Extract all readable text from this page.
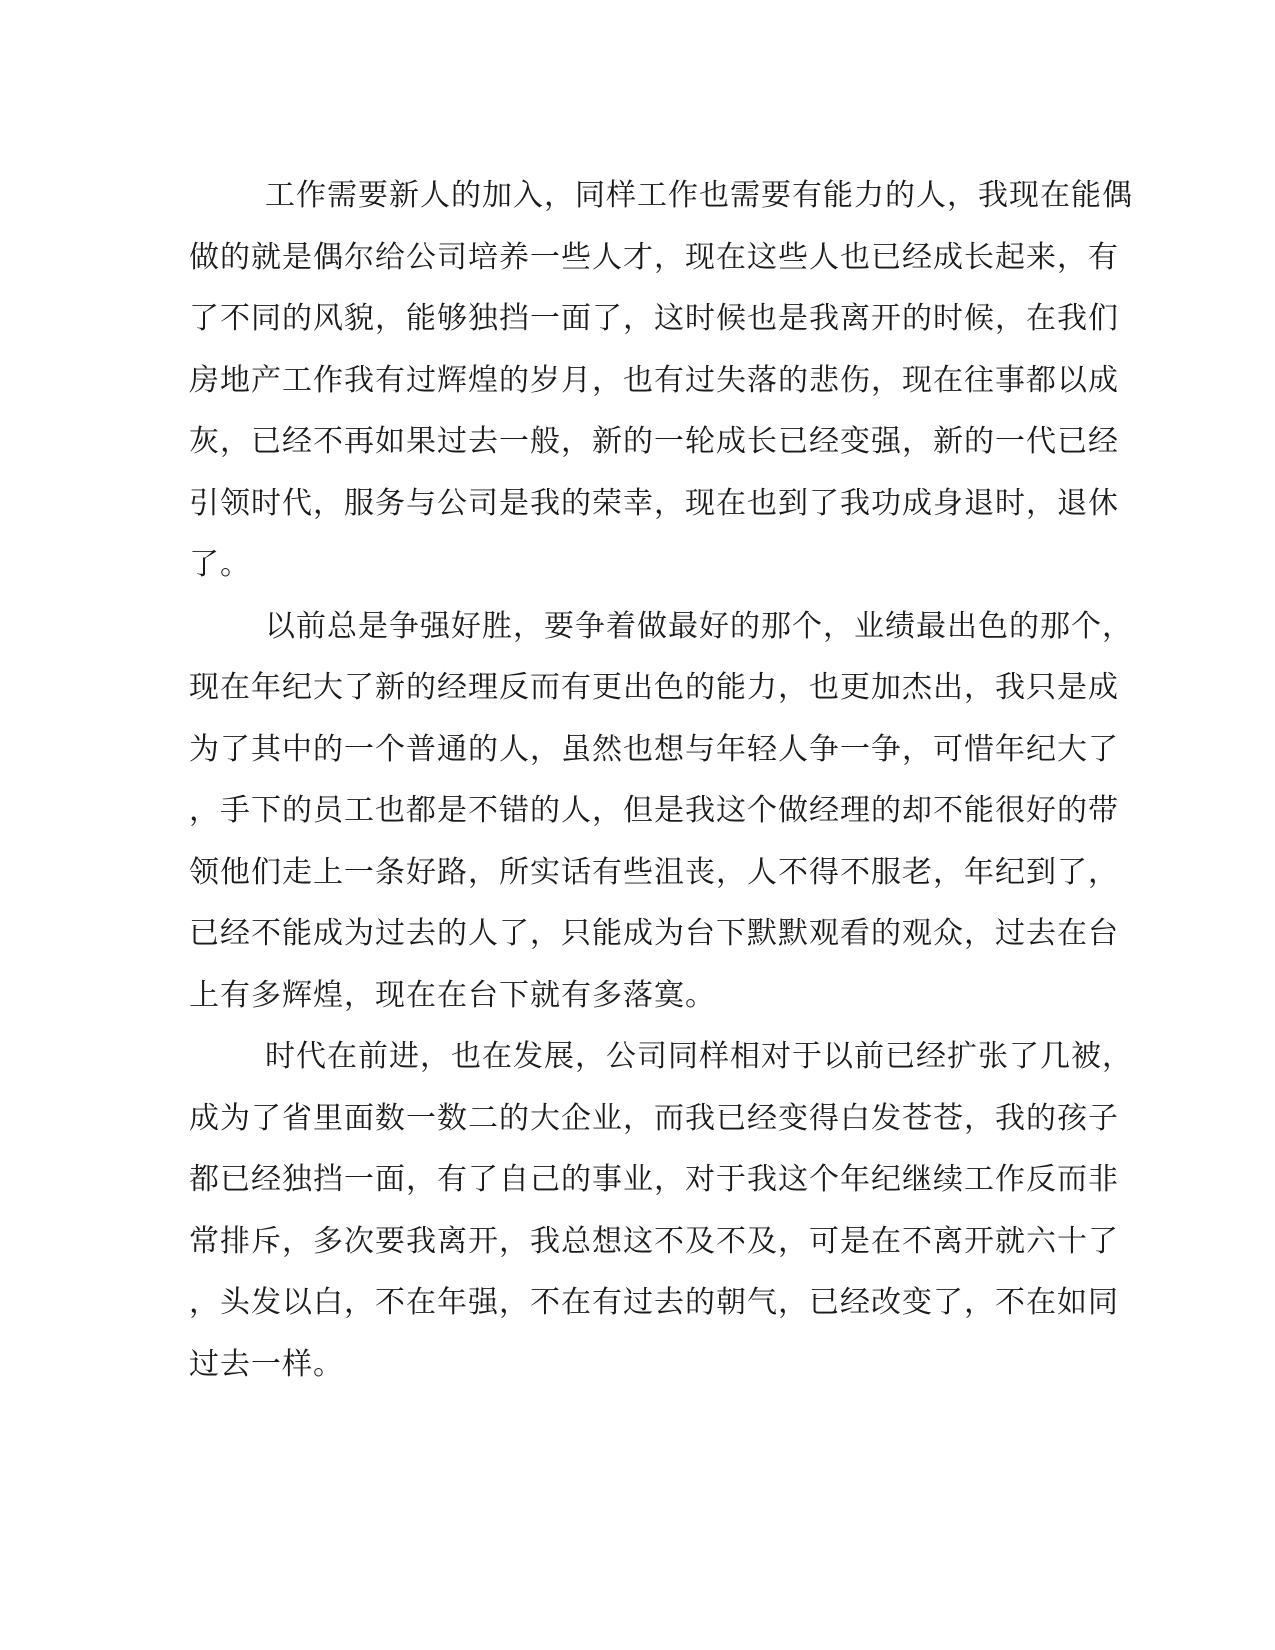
工作需要新人的加入，同样工作也需要有能力的人，我现在能偶
做的就是偶尔给公司培养一些人才，现在这些人也已经成长起来，有
了不同的风貌，能够独挡一面了，这时候也是我离开的时候，在我们
房地产工作我有过辉煌的岁月，也有过失落的悲伤，现在往事都以成
灰，已经不再如果过去一般，新的一轮成长已经变强，新的一代已经
引领时代，服务与公司是我的荣幸，现在也到了我功成身退时，退休
了。
以前总是争强好胜，要争着做最好的那个，业绩最出色的那个，
现在年纪大了新的经理反而有更出色的能力，也更加杰出，我只是成
为了其中的一个普通的人，虽然也想与年轻人争一争，可惜年纪大了
，手下的员工也都是不错的人，但是我这个做经理的却不能很好的带
领他们走上一条好路，所实话有些沮丧，人不得不服老，年纪到了，
已经不能成为过去的人了，只能成为台下默默观看的观众，过去在台
上有多辉煌，现在在台下就有多落寞。
时代在前进，也在发展，公司同样相对于以前已经扩张了几被，
成为了省里面数一数二的大企业，而我已经变得白发苍苍，我的孩子
都已经独挡一面，有了自己的事业，对于我这个年纪继续工作反而非
常排斥，多次要我离开，我总想这不及不及，可是在不离开就六十了
，头发以白，不在年强，不在有过去的朝气，已经改变了，不在如同
过去一样。
